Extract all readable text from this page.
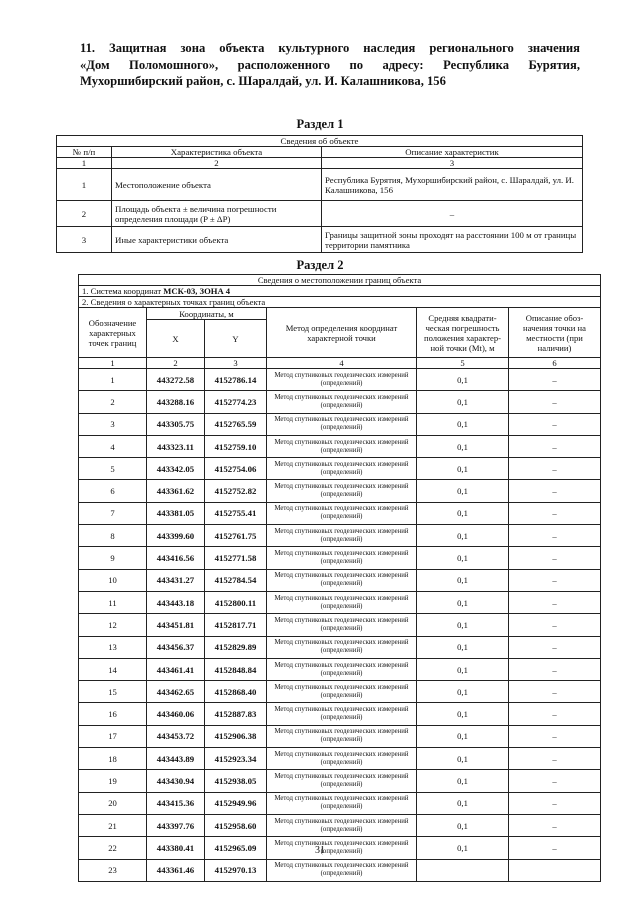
11. Защитная зона объекта культурного наследия регионального значения
«Дом Поломошного», расположенного по адресу: Республика Бурятия,
Мухоршибирский район, с. Шаралдай, ул. И. Калашникова, 156
Раздел 1
Сведения об объекте		
№ п/п	Характеристика объекта	Описание характеристик
1	2	3
1	Местоположение объекта	Республика Бурятия, Мухоршибирский район, с. Шаралдай, ул. И. Калашникова, 156
2	Площадь объекта ± величина погрешности определения площади (P ± ΔP)	–
3	Иные характеристики объекта	Границы защитной зоны проходят на расстоянии 100 м от границы территории памятника
Раздел 2
Сведения о местоположении границ объекта					
1. Система координат МСК-03, ЗОНА 4					
2. Сведения о характерных точках границ объекта					
Обозначение характерных точек границ	Координаты, м		Метод определения координат характерной точки	Средняя квадрати-ческая погрешность положения характер-ной точки (Mt), м	Описание обоз-начения точки на местности (при наличии)
	X	Y			
1	2	3	4	5	6
1	443272.58	4152786.14	Метод спутниковых геодезических измерений (определений)	0,1	–
2	443288.16	4152774.23	Метод спутниковых геодезических измерений (определений)	0,1	–
3	443305.75	4152765.59	Метод спутниковых геодезических измерений (определений)	0,1	–
4	443323.11	4152759.10	Метод спутниковых геодезических измерений (определений)	0,1	–
5	443342.05	4152754.06	Метод спутниковых геодезических измерений (определений)	0,1	–
6	443361.62	4152752.82	Метод спутниковых геодезических измерений (определений)	0,1	–
7	443381.05	4152755.41	Метод спутниковых геодезических измерений (определений)	0,1	–
8	443399.60	4152761.75	Метод спутниковых геодезических измерений (определений)	0,1	–
9	443416.56	4152771.58	Метод спутниковых геодезических измерений (определений)	0,1	–
10	443431.27	4152784.54	Метод спутниковых геодезических измерений (определений)	0,1	–
11	443443.18	4152800.11	Метод спутниковых геодезических измерений (определений)	0,1	–
12	443451.81	4152817.71	Метод спутниковых геодезических измерений (определений)	0,1	–
13	443456.37	4152829.89	Метод спутниковых геодезических измерений (определений)	0,1	–
14	443461.41	4152848.84	Метод спутниковых геодезических измерений (определений)	0,1	–
15	443462.65	4152868.40	Метод спутниковых геодезических измерений (определений)	0,1	–
16	443460.06	4152887.83	Метод спутниковых геодезических измерений (определений)	0,1	–
17	443453.72	4152906.38	Метод спутниковых геодезических измерений (определений)	0,1	–
18	443443.89	4152923.34	Метод спутниковых геодезических измерений (определений)	0,1	–
19	443430.94	4152938.05	Метод спутниковых геодезических измерений (определений)	0,1	–
20	443415.36	4152949.96	Метод спутниковых геодезических измерений (определений)	0,1	–
21	443397.76	4152958.60	Метод спутниковых геодезических измерений (определений)	0,1	–
22	443380.41	4152965.09	Метод спутниковых геодезических измерений (определений)	0,1	–
23	443361.46	4152970.13	Метод спутниковых геодезических измерений (определений)		
31
